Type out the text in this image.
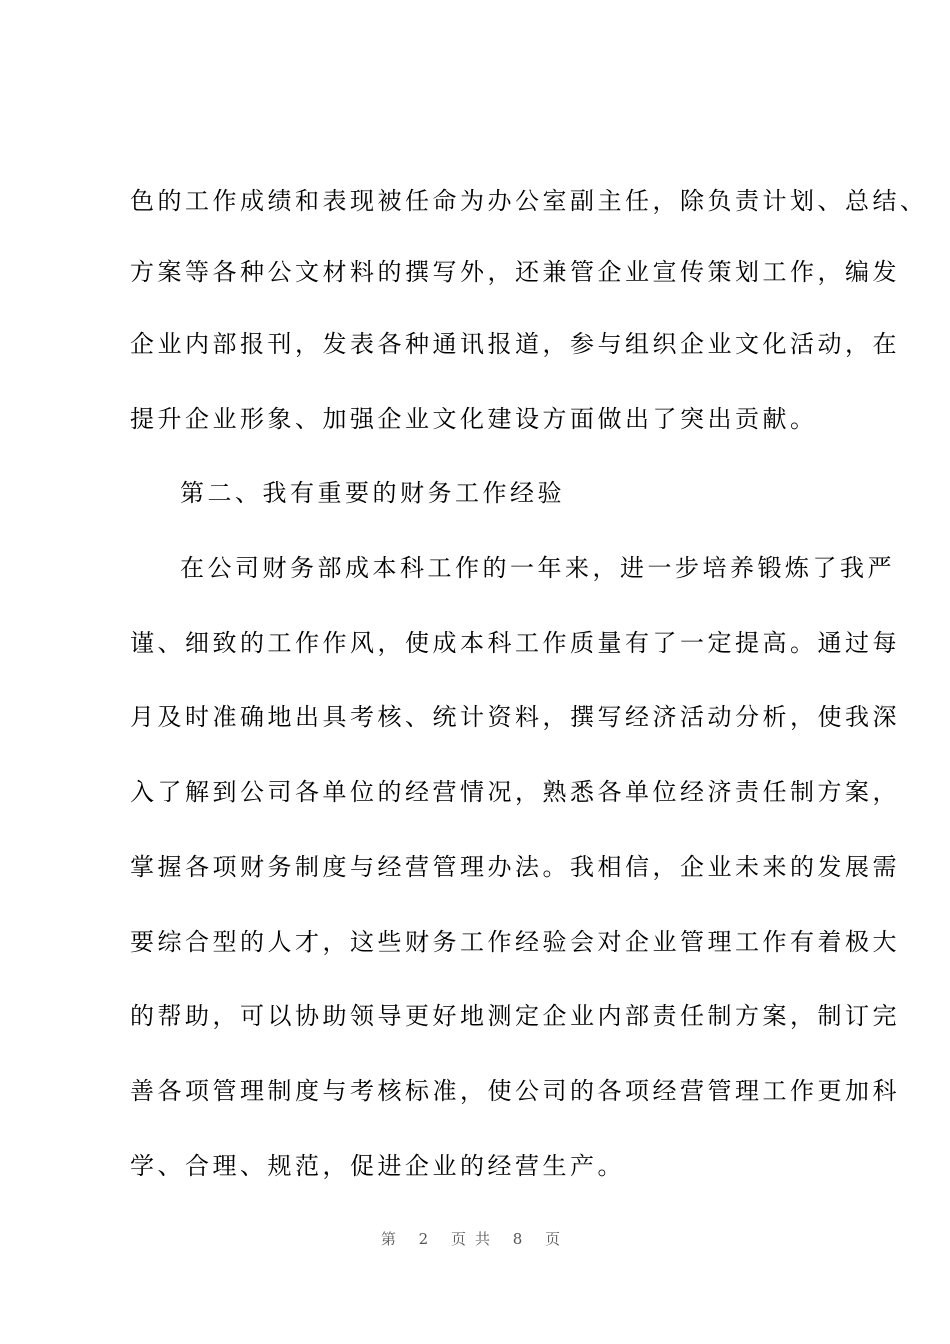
色的工作成绩和表现被任命为办公室副主任，除负责计划、总结、
方案等各种公文材料的撰写外，还兼管企业宣传策划工作，编发
企业内部报刊，发表各种通讯报道，参与组织企业文化活动，在
提升企业形象、加强企业文化建设方面做出了突出贡献。
第二、我有重要的财务工作经验
在公司财务部成本科工作的一年来，进一步培养锻炼了我严
谨、细致的工作作风，使成本科工作质量有了一定提高。通过每
月及时准确地出具考核、统计资料，撰写经济活动分析，使我深
入了解到公司各单位的经营情况，熟悉各单位经济责任制方案，
掌握各项财务制度与经营管理办法。我相信，企业未来的发展需
要综合型的人才，这些财务工作经验会对企业管理工作有着极大
的帮助，可以协助领导更好地测定企业内部责任制方案，制订完
善各项管理制度与考核标准，使公司的各项经营管理工作更加科
学、合理、规范，促进企业的经营生产。
第 2 页共 8 页
